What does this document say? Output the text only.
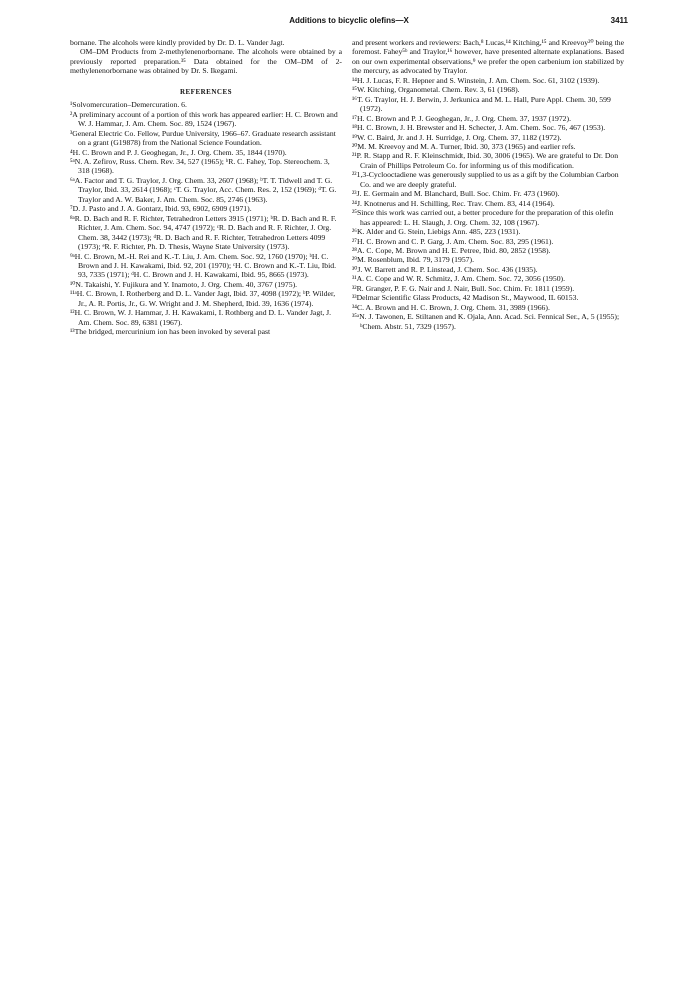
Additions to bicyclic olefins—X	3411

bornane. The alcohols were kindly provided by Dr. D. L. Vander Jagt.

OM–DM Products from 2-methylenenorbornane. The alcohols were obtained by a previously reported preparation.³⁵ Data obtained for the OM–DM of 2-methylenenorbornane was obtained by Dr. S. Ikegami.

REFERENCES

¹Solvomercuration–Demercuration. 6.

²A preliminary account of a portion of this work has appeared earlier: H. C. Brown and W. J. Hammar, J. Am. Chem. Soc. 89, 1524 (1967).

³General Electric Co. Fellow, Purdue University, 1966–67. Graduate research assistant on a grant (G19878) from the National Science Foundation.

⁴H. C. Brown and P. J. Geoghegan, Jr., J. Org. Chem. 35, 1844 (1970).

⁵ᵃN. A. Zefirov, Russ. Chem. Rev. 34, 527 (1965); ᵇR. C. Fahey, Top. Stereochem. 3, 318 (1968).

⁶ᵃA. Factor and T. G. Traylor, J. Org. Chem. 33, 2607 (1968); ᵇT. T. Tidwell and T. G. Traylor, Ibid. 33, 2614 (1968); ᶜT. G. Traylor, Acc. Chem. Res. 2, 152 (1969); ᵈT. G. Traylor and A. W. Baker, J. Am. Chem. Soc. 85, 2746 (1963).

⁷D. J. Pasto and J. A. Gontarz, Ibid. 93, 6902, 6909 (1971).

⁸ᵃR. D. Bach and R. F. Richter, Tetrahedron Letters 3915 (1971); ᵇR. D. Bach and R. F. Richter, J. Am. Chem. Soc. 94, 4747 (1972); ᶜR. D. Bach and R. F. Richter, J. Org. Chem. 38, 3442 (1973); ᵈR. D. Bach and R. F. Richter, Tetrahedron Letters 4099 (1973); ᵉR. F. Richter, Ph. D. Thesis, Wayne State University (1973).

⁹ᵃH. C. Brown, M.-H. Rei and K.-T. Liu, J. Am. Chem. Soc. 92, 1760 (1970); ᵇH. C. Brown and J. H. Kawakami, Ibid. 92, 201 (1970); ᶜH. C. Brown and K.-T. Liu, Ibid. 93, 7335 (1971); ᵈH. C. Brown and J. H. Kawakami, Ibid. 95, 8665 (1973).

¹⁰N. Takaishi, Y. Fujikura and Y. Inamoto, J. Org. Chem. 40, 3767 (1975).

¹¹ᵃH. C. Brown, I. Rotherberg and D. L. Vander Jagt, Ibid. 37, 4098 (1972); ᵇP. Wilder, Jr., A. R. Portis, Jr., G. W. Wright and J. M. Shepherd, Ibid. 39, 1636 (1974).

¹²H. C. Brown, W. J. Hammar, J. H. Kawakami, I. Rothberg and D. L. Vander Jagt, J. Am. Chem. Soc. 89, 6381 (1967).

¹³The bridged, mercurinium ion has been invoked by several past

and present workers and reviewers: Bach,⁸ Lucas,¹⁴ Kitching,¹⁵ and Kreevoy²⁰ being the foremost. Fahey⁵ᵇ and Traylor,¹⁶ however, have presented alternate explanations. Based on our own experimental observations,⁹ we prefer the open carbenium ion stabilized by the mercury, as advocated by Traylor.

¹⁴H. J. Lucas, F. R. Hepner and S. Winstein, J. Am. Chem. Soc. 61, 3102 (1939).

¹⁵W. Kitching, Organometal. Chem. Rev. 3, 61 (1968).

¹⁶T. G. Traylor, H. J. Berwin, J. Jerkunica and M. L. Hall, Pure Appl. Chem. 30, 599 (1972).

¹⁷H. C. Brown and P. J. Geoghegan, Jr., J. Org. Chem. 37, 1937 (1972).

¹⁸H. C. Brown, J. H. Brewster and H. Schecter, J. Am. Chem. Soc. 76, 467 (1953).

¹⁹W. C. Baird, Jr. and J. H. Surridge, J. Org. Chem. 37, 1182 (1972).

²⁰M. M. Kreevoy and M. A. Turner, Ibid. 30, 373 (1965) and earlier refs.

²¹P. R. Stapp and R. F. Kleinschmidt, Ibid. 30, 3006 (1965). We are grateful to Dr. Don Crain of Phillips Petroleum Co. for informing us of this modification.

²²1,3-Cyclooctadiene was generously supplied to us as a gift by the Columbian Carbon Co. and we are deeply grateful.

²³J. E. Germain and M. Blanchard, Bull. Soc. Chim. Fr. 473 (1960).

²⁴J. Knotnerus and H. Schilling, Rec. Trav. Chem. 83, 414 (1964).

²⁵Since this work was carried out, a better procedure for the preparation of this olefin has appeared: L. H. Slaugh, J. Org. Chem. 32, 108 (1967).

²⁶K. Alder and G. Stein, Liebigs Ann. 485, 223 (1931).

²⁷H. C. Brown and C. P. Garg, J. Am. Chem. Soc. 83, 295 (1961).

²⁸A. C. Cope, M. Brown and H. E. Petree, Ibid. 80, 2852 (1958).

²⁹M. Rosenblum, Ibid. 79, 3179 (1957).

³⁰J. W. Barrett and R. P. Linstead, J. Chem. Soc. 436 (1935).

³¹A. C. Cope and W. R. Schmitz, J. Am. Chem. Soc. 72, 3056 (1950).

³²R. Granger, P. F. G. Nair and J. Nair, Bull. Soc. Chim. Fr. 1811 (1959).

³³Delmar Scientific Glass Products, 42 Madison St., Maywood, IL 60153.

³⁴C. A. Brown and H. C. Brown, J. Org. Chem. 31, 3989 (1966).

³⁵ᵃN. J. Tawonen, E. Stiltanen and K. Ojala, Ann. Acad. Sci. Fennical Ser., A, 5 (1955); ᵇChem. Abstr. 51, 7329 (1957).
